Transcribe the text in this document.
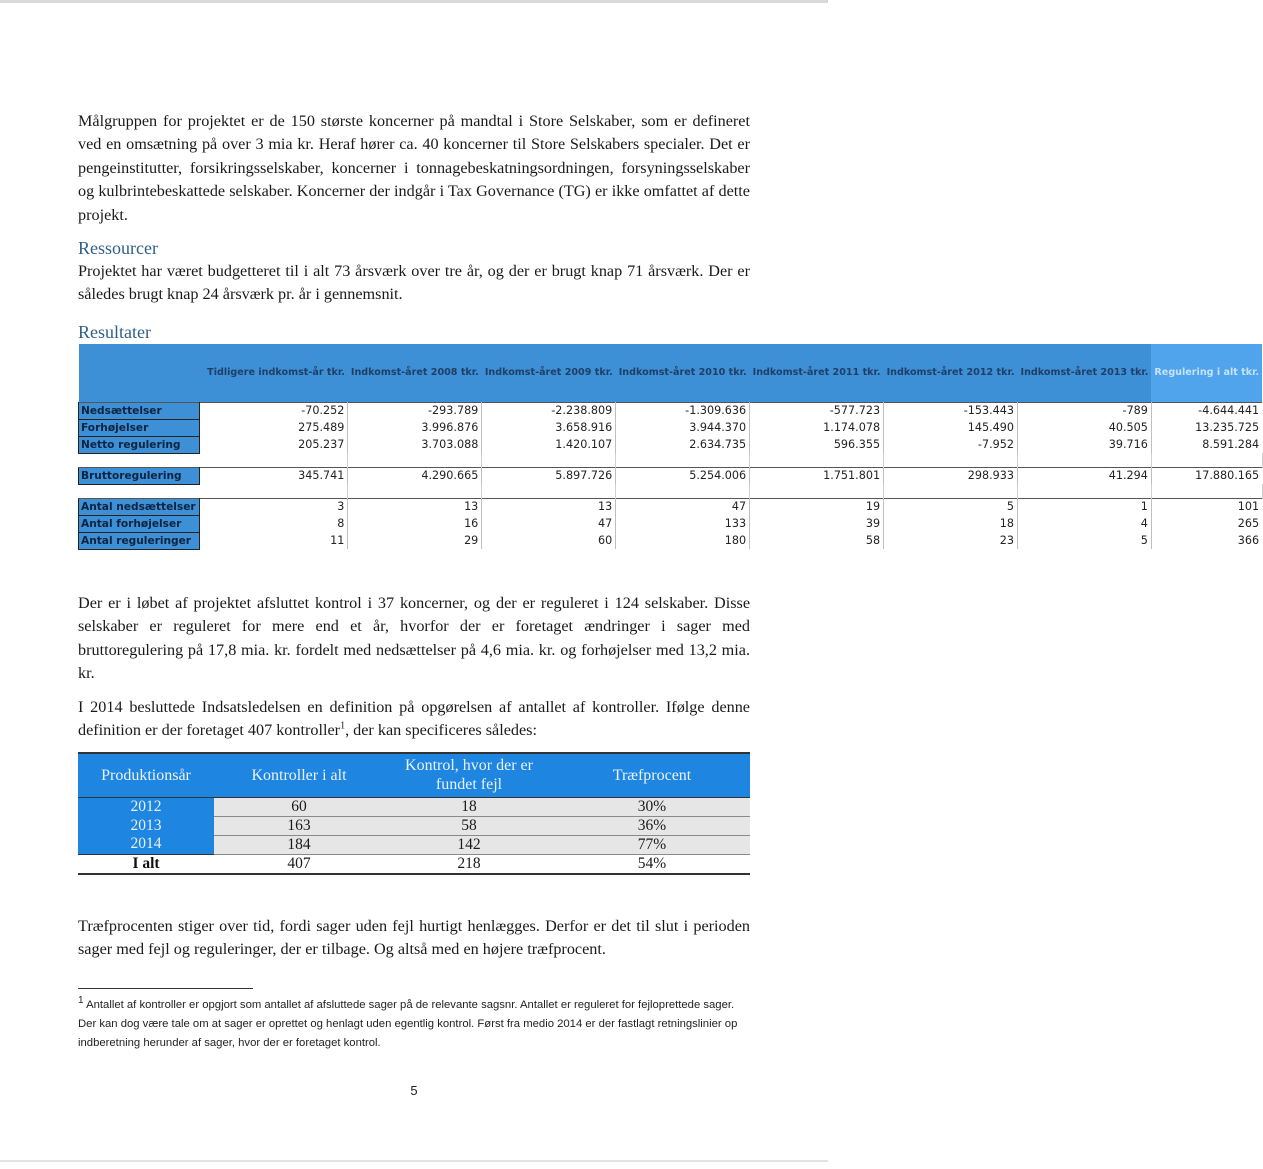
Målgruppen for projektet er de 150 største koncerner på mandtal i Store Selskaber, som er defineret ved en omsætning på over 3 mia kr. Heraf hører ca. 40 koncerner til Store Selskabers specialer. Det er pengeinstitutter, forsikringsselskaber, koncerner i tonnagebeskatningsordningen, forsyningsselskaber og kulbrintebeskattede selskaber. Koncerner der indgår i Tax Governance (TG) er ikke omfattet af dette projekt.

Ressourcer

Projektet har været budgetteret til i alt 73 årsværk over tre år, og der er brugt knap 71 årsværk. Der er således brugt knap 24 årsværk pr. år i gennemsnit.

Resultater
	Tidligere indkomst-år tkr.	Indkomst-året 2008 tkr.	Indkomst-året 2009 tkr.	Indkomst-året 2010 tkr.	Indkomst-året 2011 tkr.	Indkomst-året 2012 tkr.	Indkomst-året 2013 tkr.	Regulering i alt tkr.
Nedsættelser	-70.252	-293.789	-2.238.809	-1.309.636	-577.723	-153.443	-789	-4.644.441
Forhøjelser	275.489	3.996.876	3.658.916	3.944.370	1.174.078	145.490	40.505	13.235.725
Netto regulering	205.237	3.703.088	1.420.107	2.634.735	596.355	-7.952	39.716	8.591.284

Bruttoregulering	345.741	4.290.665	5.897.726	5.254.006	1.751.801	298.933	41.294	17.880.165

Antal nedsættelser	3	13	13	47	19	5	1	101
Antal forhøjelser	8	16	47	133	39	18	4	265
Antal reguleringer	11	29	60	180	58	23	5	366

Der er i løbet af projektet afsluttet kontrol i 37 koncerner, og der er reguleret i 124 selskaber. Disse selskaber er reguleret for mere end et år, hvorfor der er foretaget ændringer i sager med bruttoregulering på 17,8 mia. kr. fordelt med nedsættelser på 4,6 mia. kr. og forhøjelser med 13,2 mia. kr.

I 2014 besluttede Indsatsledelsen en definition på opgørelsen af antallet af kontroller. Ifølge denne definition er der foretaget 407 kontroller$^1$, der kan specificeres således:

Produktionsår	Kontroller i alt	Kontrol, hvor der er fundet fejl	Træfprocent
2012	60	18	30%
2013	163	58	36%
2014	184	142	77%
I alt	407	218	54%

Træfprocenten stiger over tid, fordi sager uden fejl hurtigt henlægges. Derfor er det til slut i perioden sager med fejl og reguleringer, der er tilbage. Og altså med en højere træfprocent.

$^1$ Antallet af kontroller er opgjort som antallet af afsluttede sager på de relevante sagsnr. Antallet er reguleret for fejloprettede sager. Der kan dog være tale om at sager er oprettet og henlagt uden egentlig kontrol. Først fra medio 2014 er der fastlagt retningslinier op indberetning herunder af sager, hvor der er foretaget kontrol.

5
